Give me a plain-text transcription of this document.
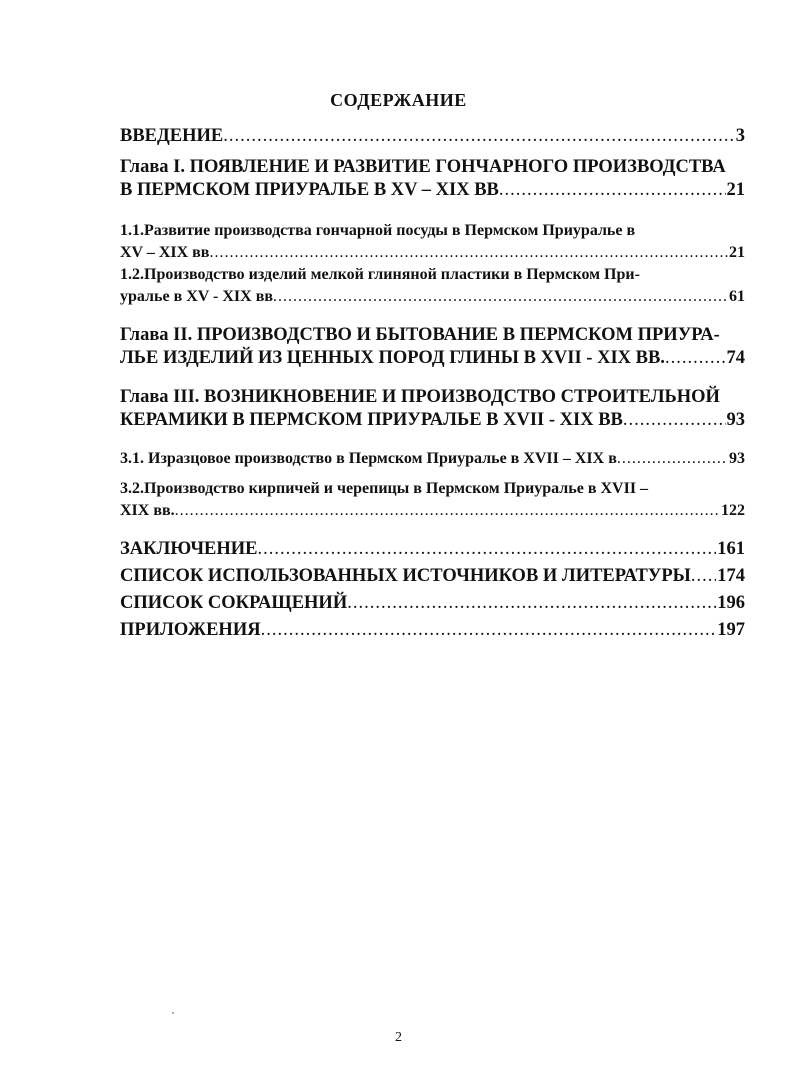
СОДЕРЖАНИЕ
ВВЕДЕНИЕ .....	3
Глава I. ПОЯВЛЕНИЕ И РАЗВИТИЕ ГОНЧАРНОГО ПРОИЗВОДСТВА
В ПЕРМСКОМ ПРИУРАЛЬЕ В XV – XIX ВВ .....	21
1.1.Развитие производства гончарной посуды в Пермском Приуралье в
XV – XIX вв .....	21
1.2.Производство изделий мелкой глиняной пластики в Пермском При-
уралье в XV - XIX вв .....	61
Глава II. ПРОИЗВОДСТВО И БЫТОВАНИЕ В ПЕРМСКОМ ПРИУРА-
ЛЬЕ ИЗДЕЛИЙ ИЗ ЦЕННЫХ ПОРОД ГЛИНЫ В XVII - XIX ВВ. .....	74
Глава III. ВОЗНИКНОВЕНИЕ И ПРОИЗВОДСТВО СТРОИТЕЛЬНОЙ
КЕРАМИКИ В ПЕРМСКОМ ПРИУРАЛЬЕ В XVII - XIX ВВ .....	93
3.1. Изразцовое производство в Пермском Приуралье в XVII – XIX в .....	93
3.2.Производство кирпичей и черепицы в Пермском Приуралье в XVII –
XIX вв. .....	122
ЗАКЛЮЧЕНИЕ .....	161
СПИСОК ИСПОЛЬЗОВАННЫХ ИСТОЧНИКОВ И ЛИТЕРАТУРЫ ..... 174
СПИСОК СОКРАЩЕНИЙ .....	196
ПРИЛОЖЕНИЯ .....	197
2
